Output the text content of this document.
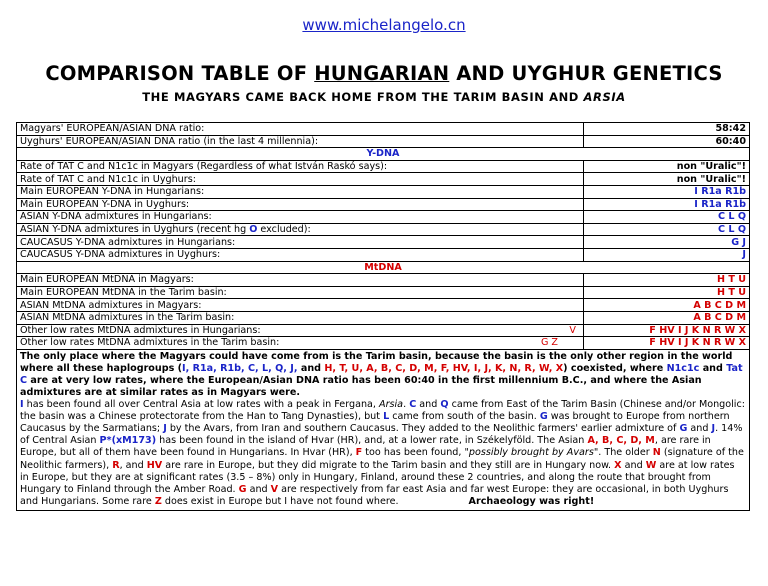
www.michelangelo.cn
COMPARISON TABLE OF HUNGARIAN AND UYGHUR GENETICS
THE MAGYARS CAME BACK HOME FROM THE TARIM BASIN AND ARSIA
Magyars' EUROPEAN/ASIAN DNA ratio:	58:42
Uyghurs' EUROPEAN/ASIAN DNA ratio (in the last 4 millennia):	60:40
Y-DNA	
Rate of TAT C and N1c1c in Magyars (Regardless of what István Raskó says):	non "Uralic"!
Rate of TAT C and N1c1c in Uyghurs:	non "Uralic"!
Main EUROPEAN Y-DNA in Hungarians:	I R1a R1b
Main EUROPEAN Y-DNA in Uyghurs:	I R1a R1b
ASIAN Y-DNA admixtures in Hungarians:	C L Q
ASIAN Y-DNA admixtures in Uyghurs (recent hg O excluded):	C L Q
CAUCASUS Y-DNA admixtures in Hungarians:	G J
CAUCASUS Y-DNA admixtures in Uyghurs:	J
MtDNA	
Main EUROPEAN MtDNA in Magyars:	H T U
Main EUROPEAN MtDNA in the Tarim basin:	H T U
ASIAN MtDNA admixtures in Magyars:	A B C D M
ASIAN MtDNA admixtures in the Tarim basin:	A B C D M
Other low rates MtDNA admixtures in Hungarians: V	F HV I J K N R W X
Other low rates MtDNA admixtures in the Tarim basin: G Z	F HV I J K N R W X
The only place where the Magyars could have come from is the Tarim basin, because the basin is the only other region in the world where all these haplogroups (I, R1a, R1b, C, L, Q, J, and H, T, U, A, B, C, D, M, F, HV, I, J, K, N, R, W, X) coexisted, where N1c1c and Tat C are at very low rates, where the European/Asian DNA ratio has been 60:40 in the first millennium B.C., and where the Asian admixtures are at similar rates as in Magyars were.
I has been found all over Central Asia at low rates with a peak in Fergana, Arsia. C and Q came from East of the Tarim Basin (Chinese and/or Mongolic: the basin was a Chinese protectorate from the Han to Tang Dynasties), but L came from south of the basin. G was brought to Europe from northern Caucasus by the Sarmatians; J by the Avars, from Iran and southern Caucasus. They added to the Neolithic farmers' earlier admixture of G and J. 14% of Central Asian P*(xM173) has been found in the island of Hvar (HR), and, at a lower rate, in Székelyföld. The Asian A, B, C, D, M, are rare in Europe, but all of them have been found in Hungarians. In Hvar (HR), F too has been found, "possibly brought by Avars". The older N (signature of the Neolithic farmers), R, and HV are rare in Europe, but they did migrate to the Tarim basin and they still are in Hungary now. X and W are at low rates in Europe, but they are at significant rates (3.5 – 8%) only in Hungary, Finland, around these 2 countries, and along the route that brought from Hungary to Finland through the Amber Road. G and V are respectively from far east Asia and far west Europe: they are occasional, in both Uyghurs and Hungarians. Some rare Z does exist in Europe but I have not found where. Archaeology was right!	
